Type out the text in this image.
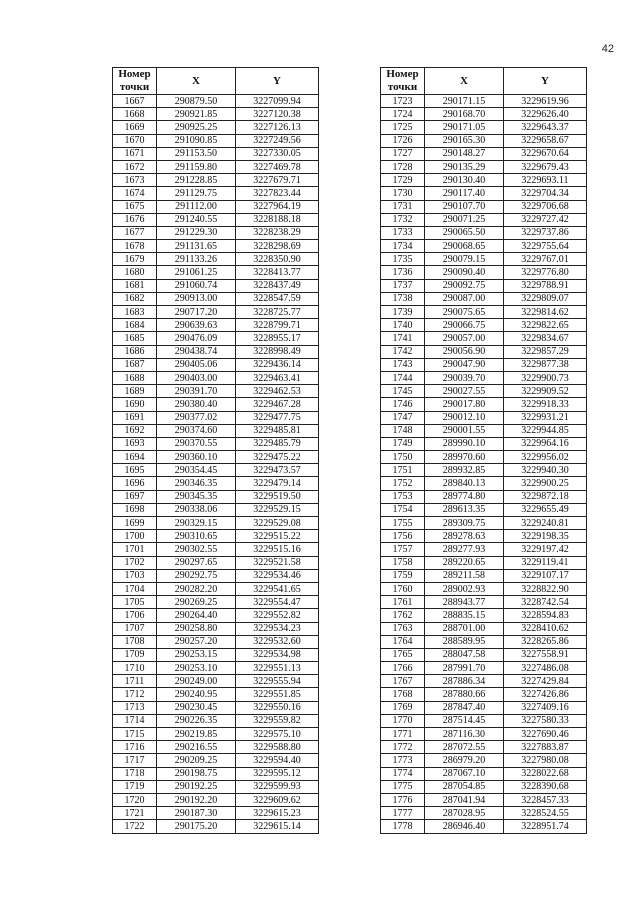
42
Номер
точки	X	Y
1667	290879.50	3227099.94
1668	290921.85	3227120.38
1669	290925.25	3227126.13
1670	291090.85	3227249.56
1671	291153.50	3227330.05
1672	291159.80	3227469.78
1673	291228.85	3227679.71
1674	291129.75	3227823.44
1675	291112.00	3227964.19
1676	291240.55	3228188.18
1677	291229.30	3228238.29
1678	291131.65	3228298.69
1679	291133.26	3228350.90
1680	291061.25	3228413.77
1681	291060.74	3228437.49
1682	290913.00	3228547.59
1683	290717.20	3228725.77
1684	290639.63	3228799.71
1685	290476.09	3228955.17
1686	290438.74	3228998.49
1687	290405.06	3229436.14
1688	290403.00	3229463.41
1689	290391.70	3229462.53
1690	290380.40	3229467.28
1691	290377.02	3229477.75
1692	290374.60	3229485.81
1693	290370.55	3229485.79
1694	290360.10	3229475.22
1695	290354.45	3229473.57
1696	290346.35	3229479.14
1697	290345.35	3229519.50
1698	290338.06	3229529.15
1699	290329.15	3229529.08
1700	290310.65	3229515.22
1701	290302.55	3229515.16
1702	290297.65	3229521.58
1703	290292.75	3229534.46
1704	290282.20	3229541.65
1705	290269.25	3229554.47
1706	290264.40	3229552.82
1707	290258.80	3229534.23
1708	290257.20	3229532.60
1709	290253.15	3229534.98
1710	290253.10	3229551.13
1711	290249.00	3229555.94
1712	290240.95	3229551.85
1713	290230.45	3229550.16
1714	290226.35	3229559.82
1715	290219.85	3229575.10
1716	290216.55	3229588.80
1717	290209.25	3229594.40
1718	290198.75	3229595.12
1719	290192.25	3229599.93
1720	290192.20	3229609.62
1721	290187.30	3229615.23
1722	290175.20	3229615.14
Номер
точки	X	Y
1723	290171.15	3229619.96
1724	290168.70	3229626.40
1725	290171.05	3229643.37
1726	290165.30	3229658.67
1727	290148.27	3229670.64
1728	290135.29	3229679.43
1729	290130.40	3229693.11
1730	290117.40	3229704.34
1731	290107.70	3229706.68
1732	290071.25	3229727.42
1733	290065.50	3229737.86
1734	290068.65	3229755.64
1735	290079.15	3229767.01
1736	290090.40	3229776.80
1737	290092.75	3229788.91
1738	290087.00	3229809.07
1739	290075.65	3229814.62
1740	290066.75	3229822.65
1741	290057.00	3229834.67
1742	290056.90	3229857.29
1743	290047.90	3229877.38
1744	290039.70	3229900.73
1745	290027.55	3229909.52
1746	290017.80	3229918.33
1747	290012.10	3229931.21
1748	290001.55	3229944.85
1749	289990.10	3229964.16
1750	289970.60	3229956.02
1751	289932.85	3229940.30
1752	289840.13	3229900.25
1753	289774.80	3229872.18
1754	289613.35	3229655.49
1755	289309.75	3229240.81
1756	289278.63	3229198.35
1757	289277.93	3229197.42
1758	289220.65	3229119.41
1759	289211.58	3229107.17
1760	289002.93	3228822.90
1761	288943.77	3228742.54
1762	288835.15	3228594.83
1763	288701.00	3228410.62
1764	288589.95	3228265.86
1765	288047.58	3227558.91
1766	287991.70	3227486.08
1767	287886.34	3227429.84
1768	287880.66	3227426.86
1769	287847.40	3227409.16
1770	287514.45	3227580.33
1771	287116.30	3227690.46
1772	287072.55	3227883.87
1773	286979.20	3227980.08
1774	287067.10	3228022.68
1775	287054.85	3228390.68
1776	287041.94	3228457.33
1777	287028.95	3228524.55
1778	286946.40	3228951.74
